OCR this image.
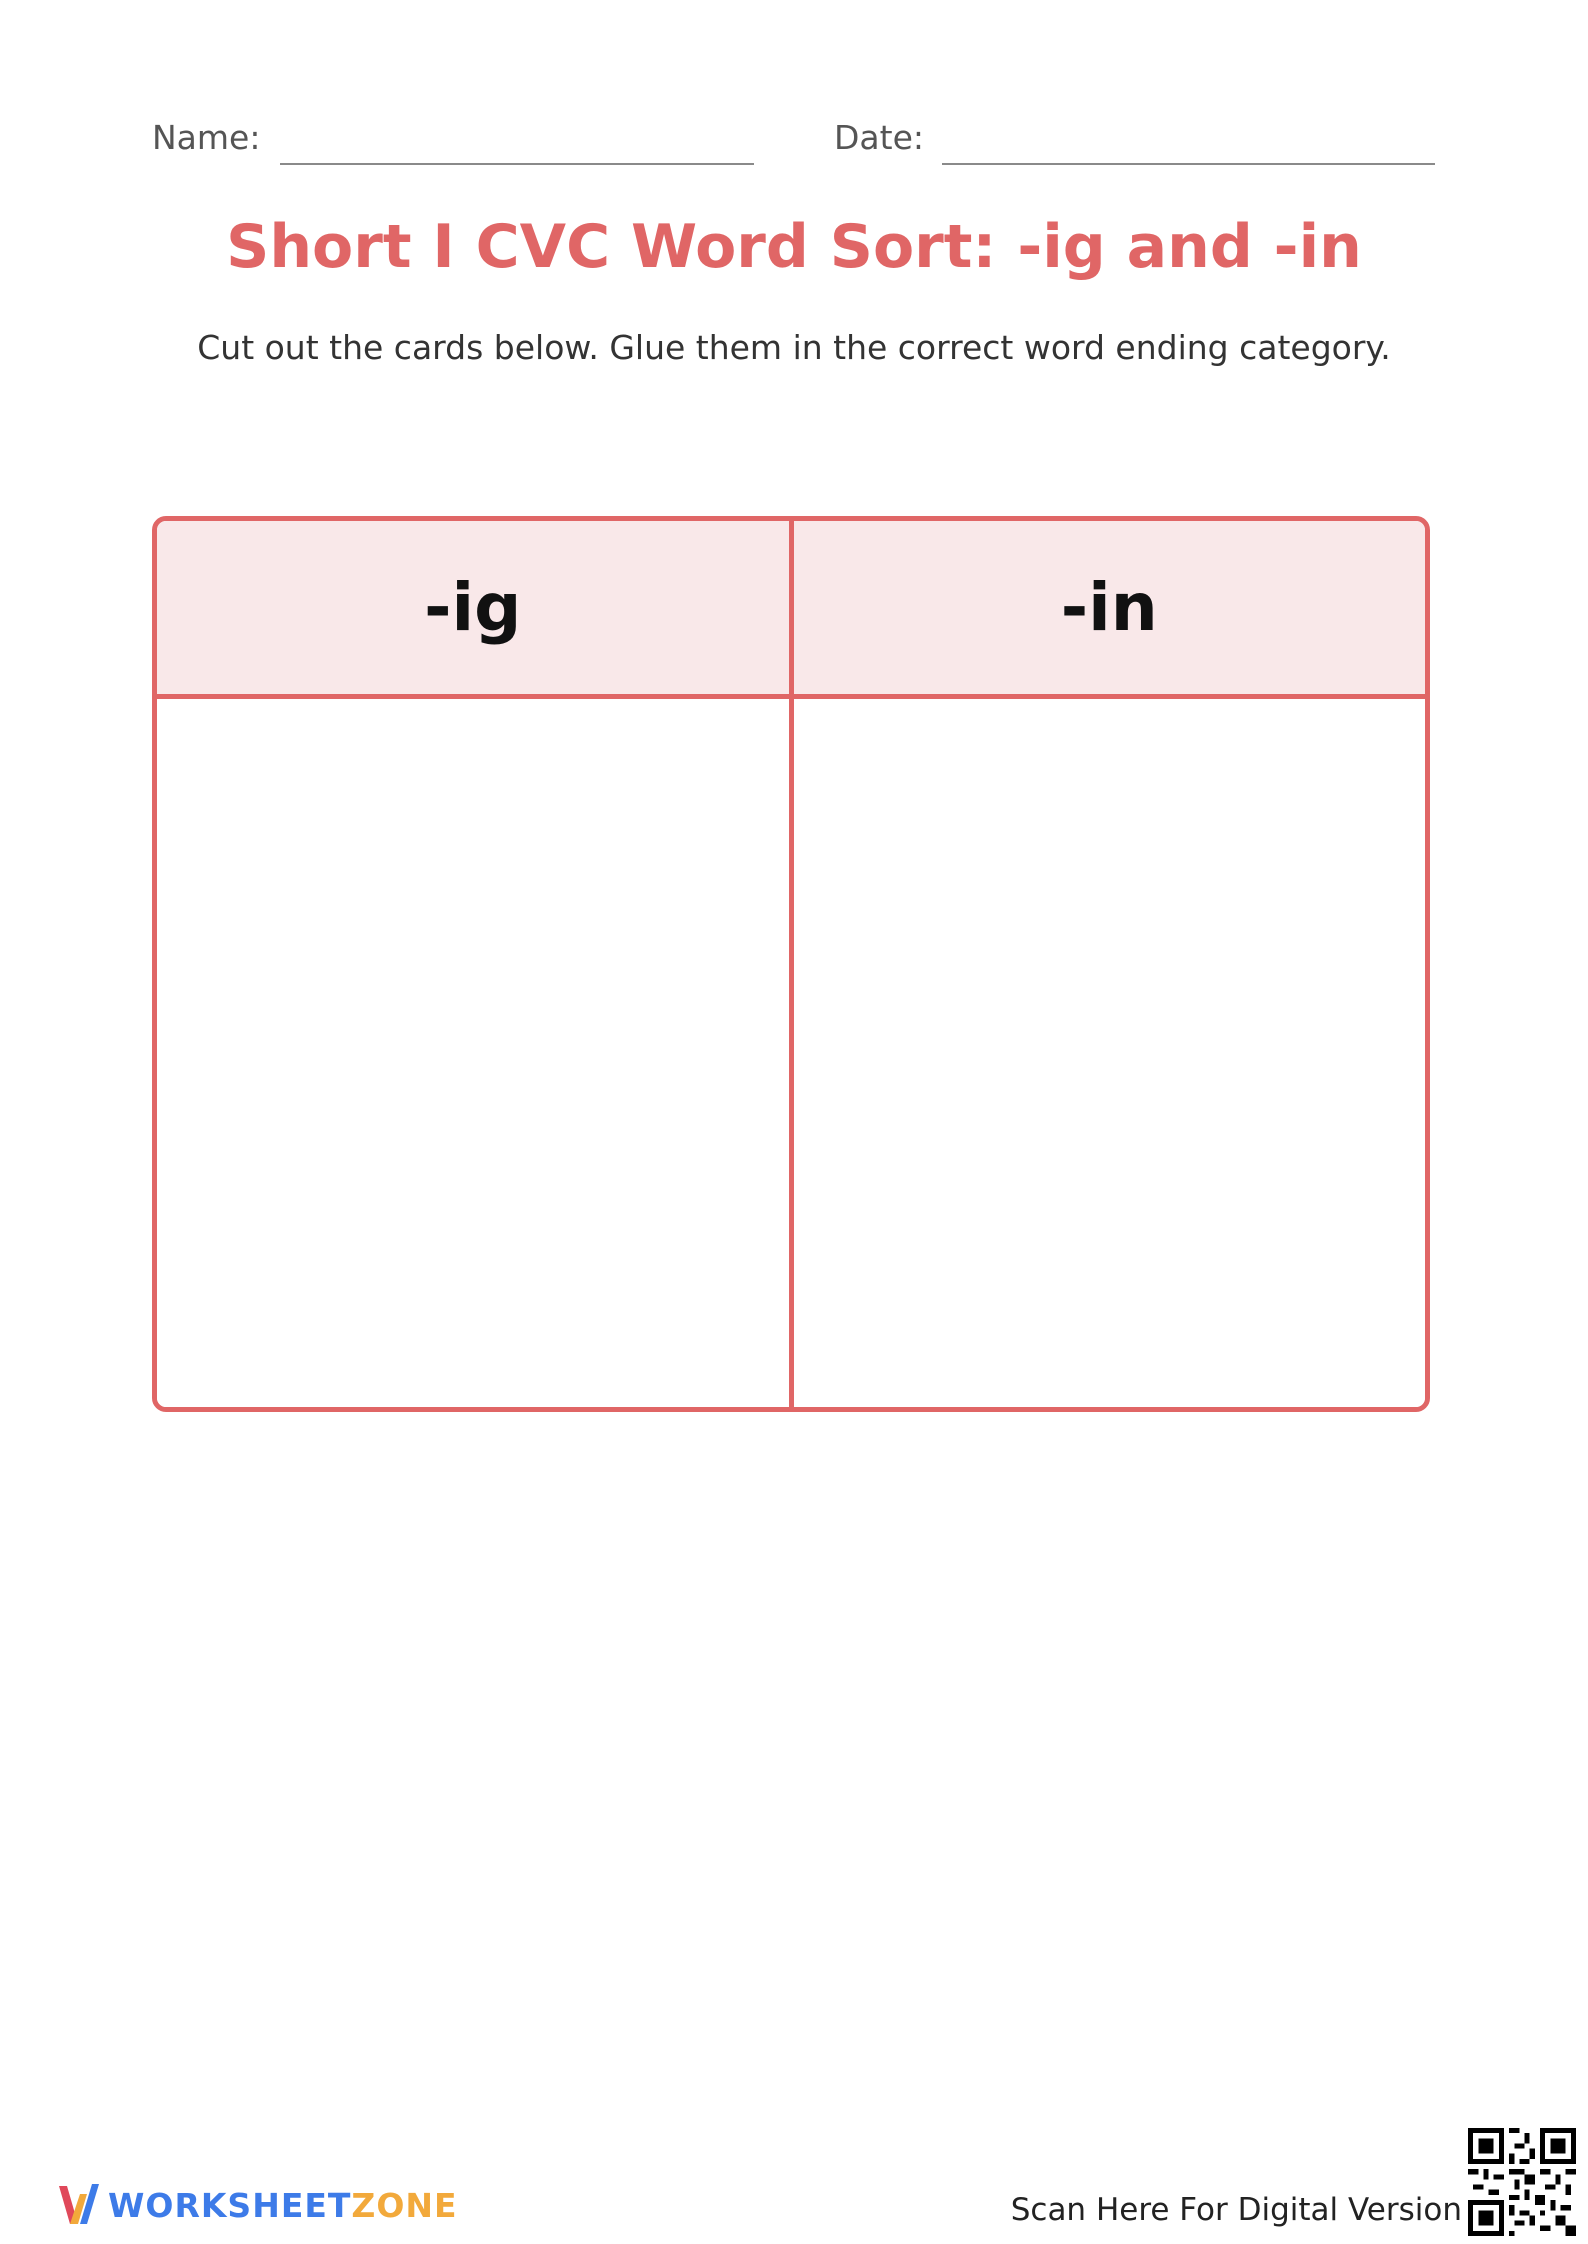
Name:	Date:
Short I CVC Word Sort: -ig and -in
Cut out the cards below. Glue them in the correct word ending category.
-ig	-in
WORKSHEETZONE	Scan Here For Digital Version
